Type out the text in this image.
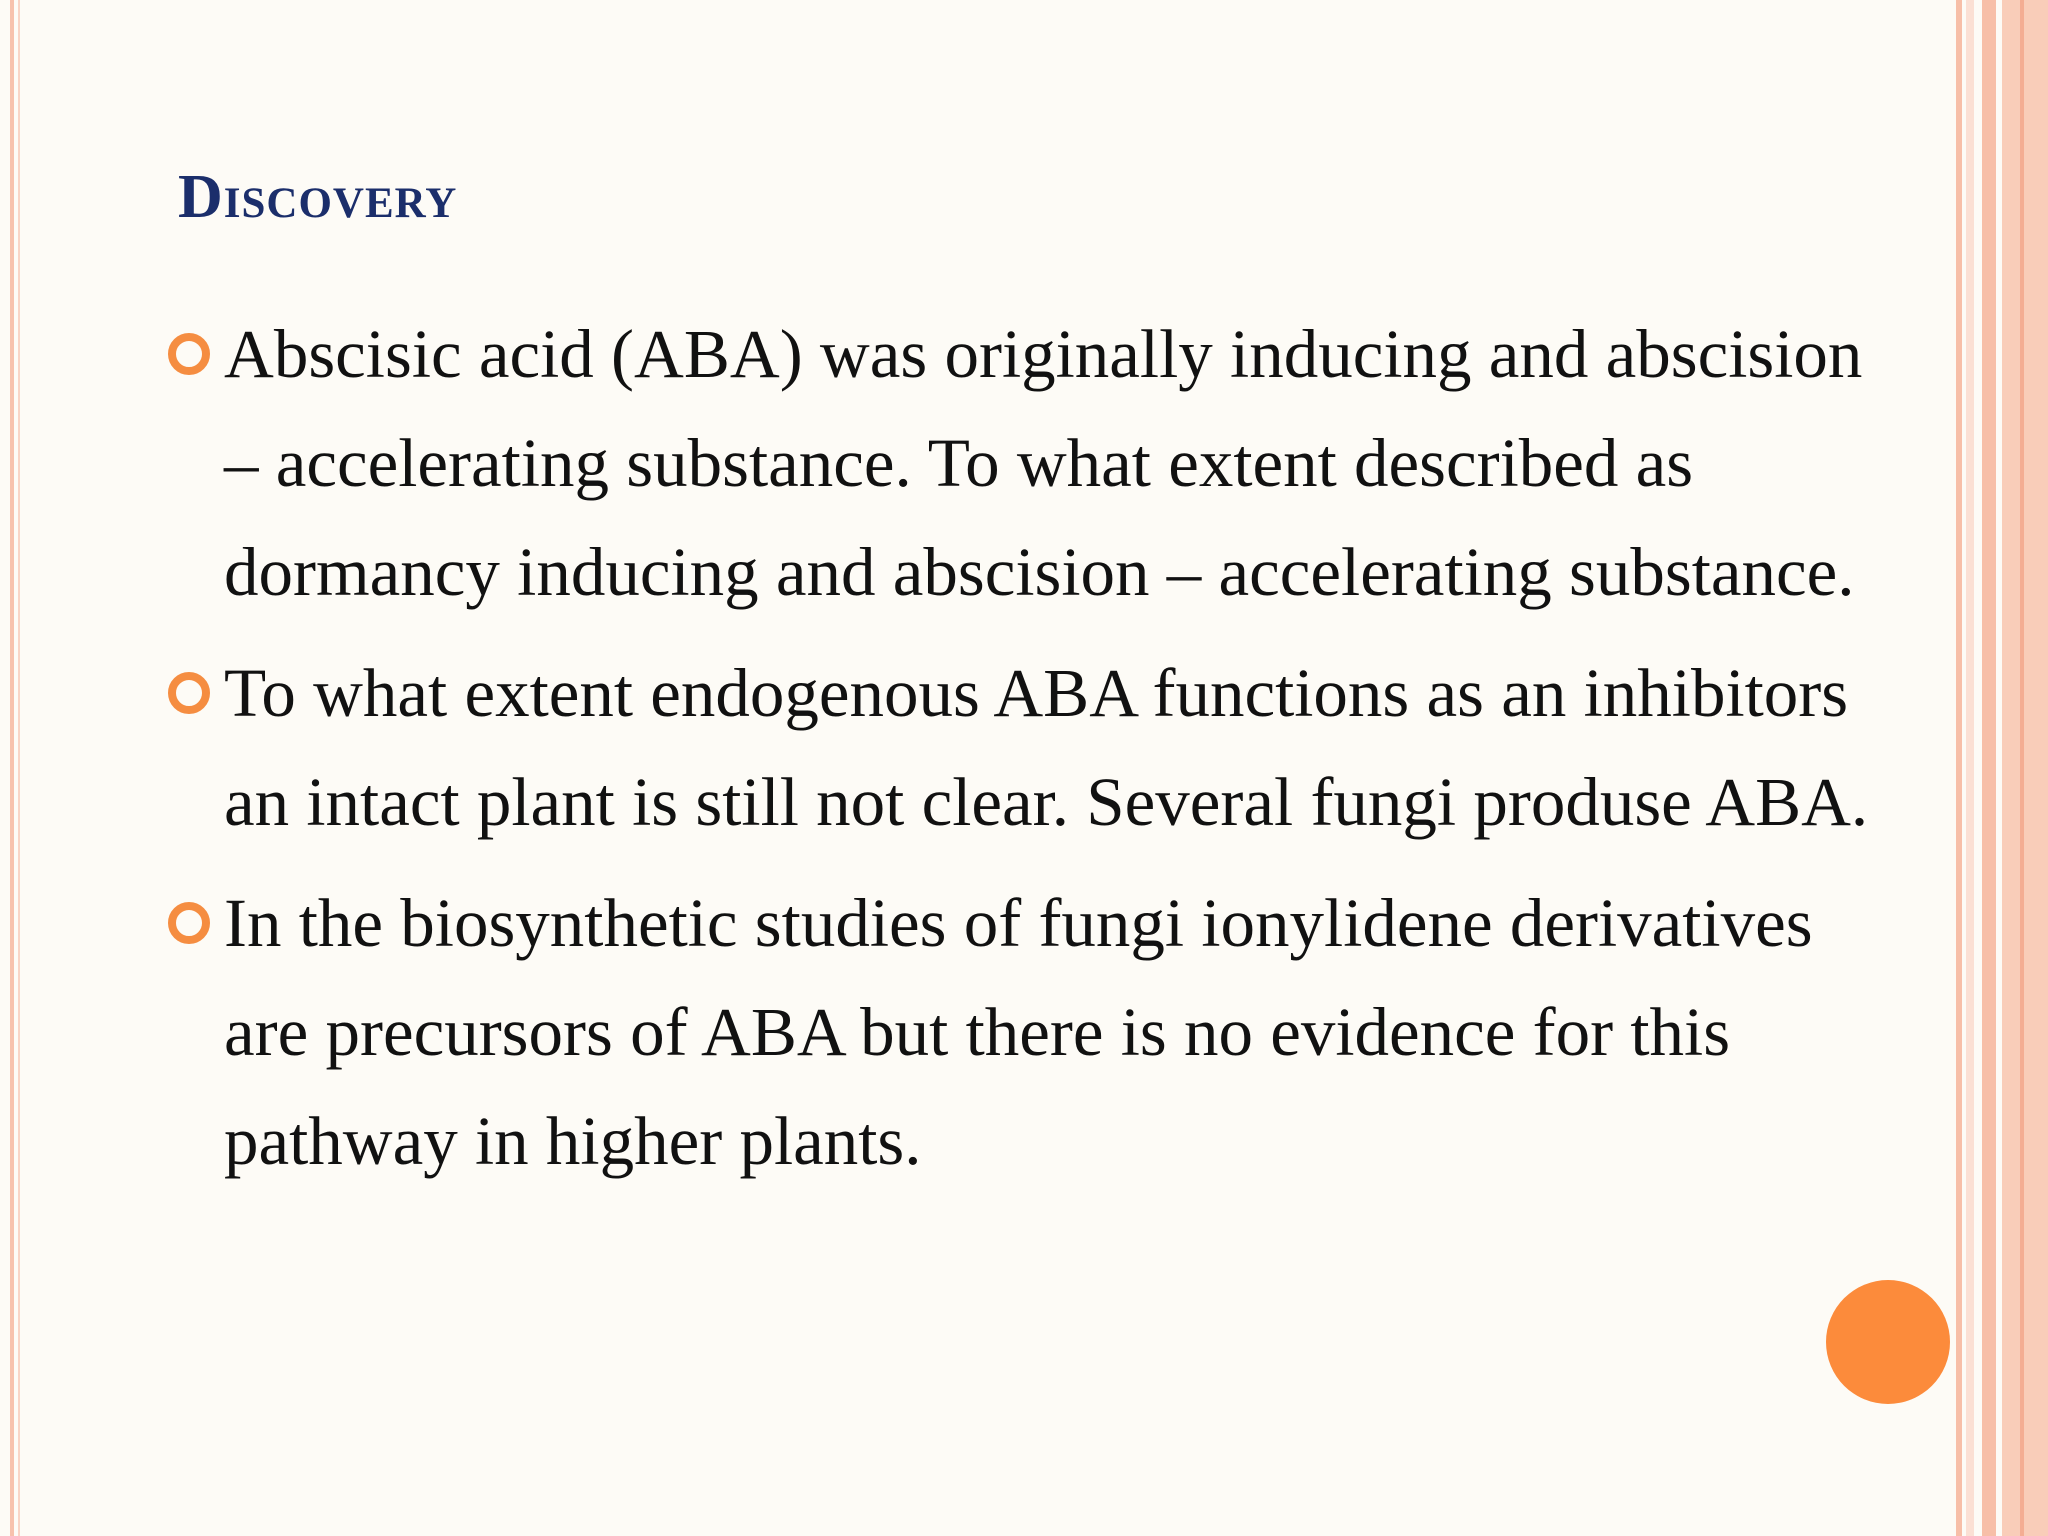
Discovery
Abscisic acid (ABA) was originally inducing and abscision – accelerating substance. To what extent described as dormancy inducing and abscision – accelerating substance.
To what extent endogenous ABA functions as an inhibitors an intact plant is still not clear. Several fungi produse ABA.
In the biosynthetic studies of fungi ionylidene derivatives are precursors of ABA but there is no evidence for this pathway in higher plants.
